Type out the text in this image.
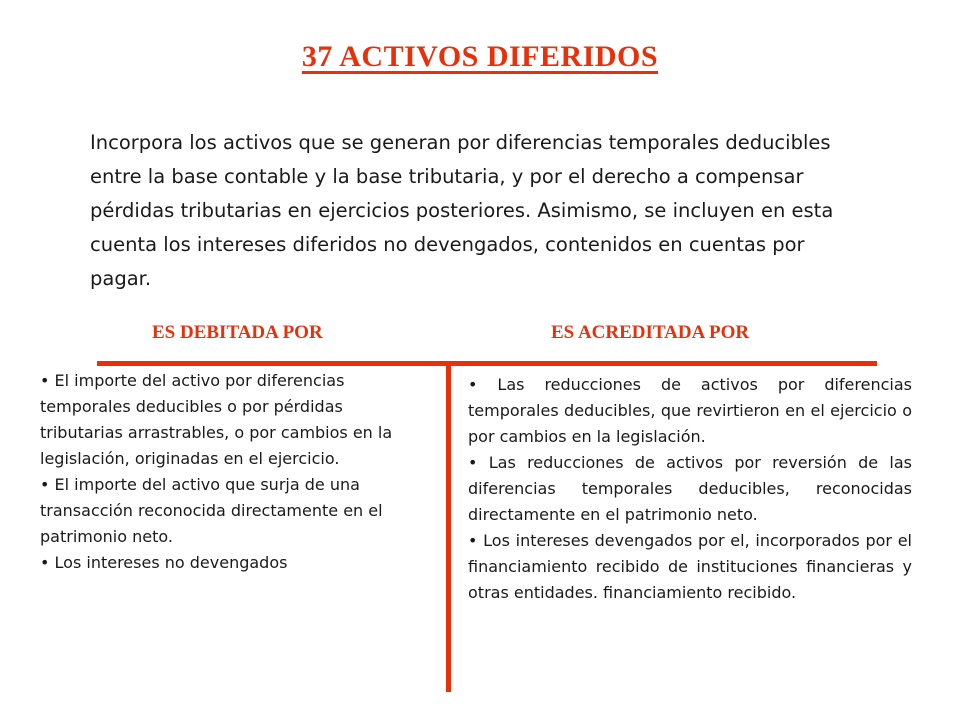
37 ACTIVOS DIFERIDOS

Incorpora los activos que se generan por diferencias temporales deducibles entre la base contable y la base tributaria, y por el derecho a compensar pérdidas tributarias en ejercicios posteriores. Asimismo, se incluyen en esta cuenta los intereses diferidos no devengados, contenidos en cuentas por pagar.

ES DEBITADA POR	ES ACREDITADA POR

• El importe del activo por diferencias temporales deducibles o por pérdidas tributarias arrastrables, o por cambios en la legislación, originadas en el ejercicio.

• El importe del activo que surja de una

transacción reconocida directamente en el patrimonio neto.

• Los intereses no devengados

• Las reducciones de activos por diferencias temporales deducibles, que revirtieron en el ejercicio o por cambios en la legislación.

• Las reducciones de activos por reversión de las diferencias temporales deducibles, reconocidas directamente en el patrimonio neto.

• Los intereses devengados por el, incorporados por el financiamiento recibido de instituciones financieras y otras entidades. financiamiento recibido.
